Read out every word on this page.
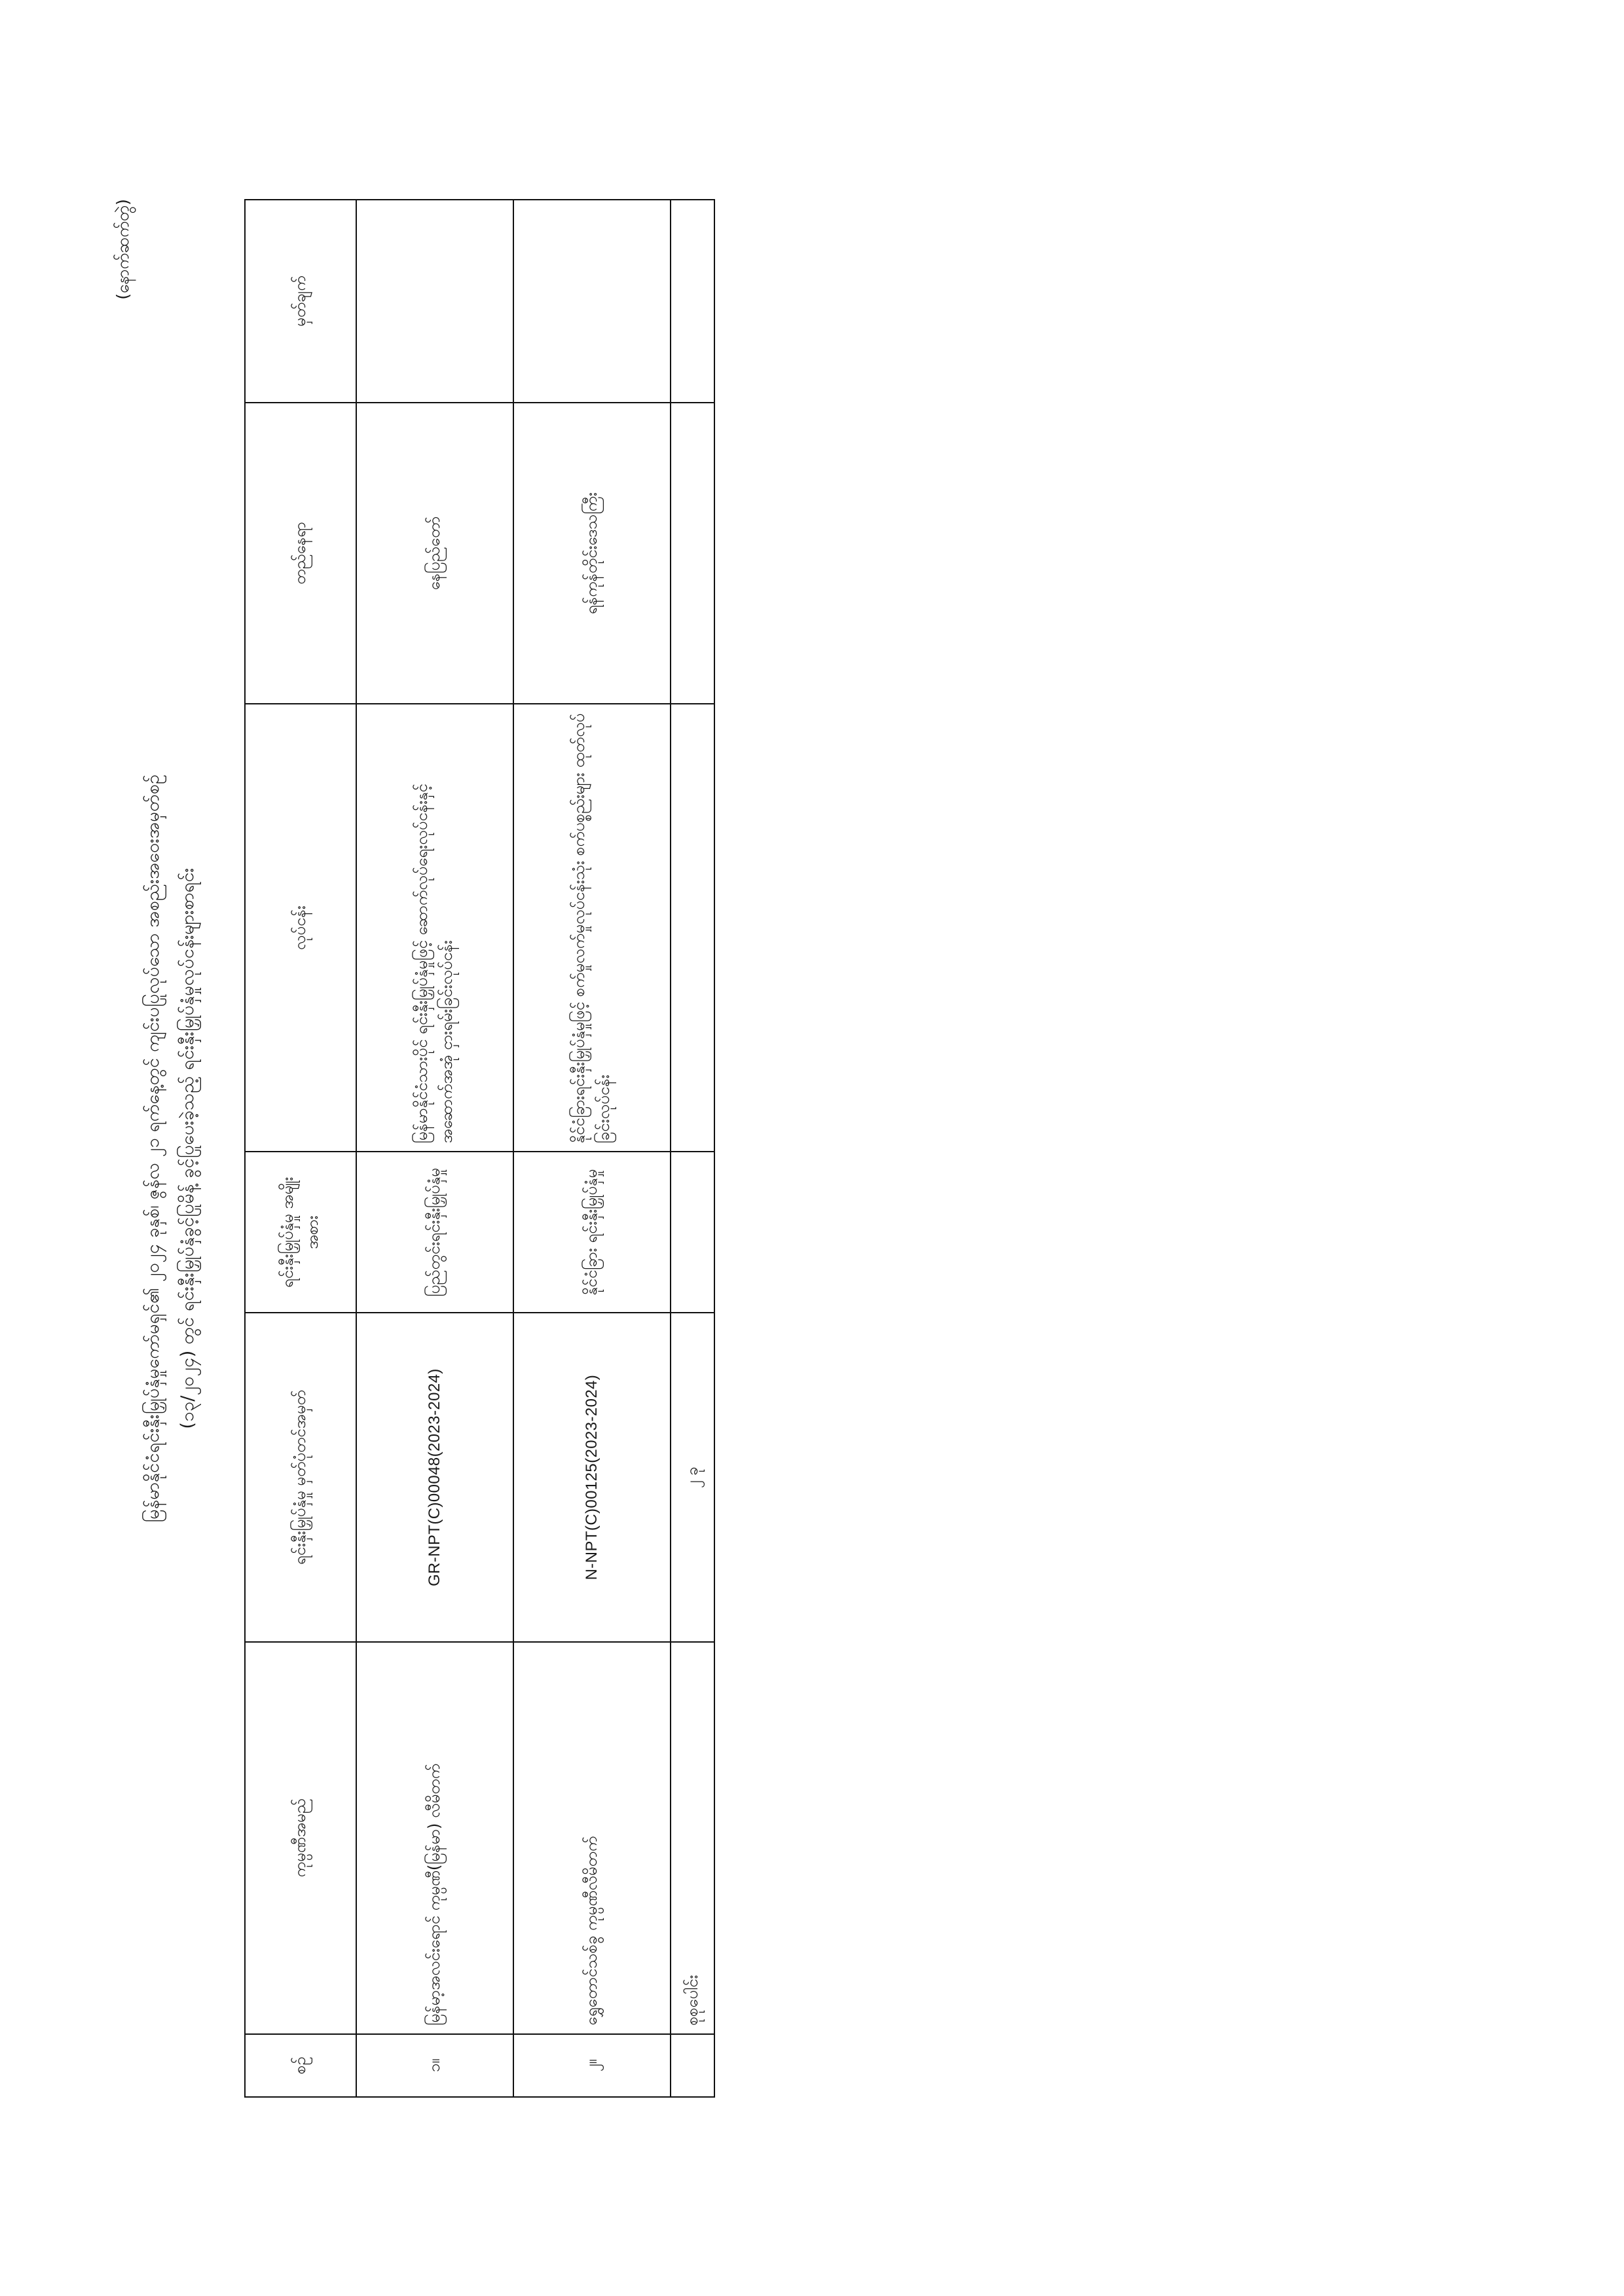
(နောက်ဆက်တွဲ)
မြန်မာနိုင်ငံရင်းနှီးမြှုပ်နှံမှုကော်မရှင်၏ ၂၀၂၄ ခုနှစ်၊ ဇွန်လ ၂၁ ရက်နေ့တွင် ကျင်းပပြုလုပ်သော အစည်းအဝေးအမှတ်စဉ် (၁၃/၂၀၂၄) တွင် ရင်းနှီးမြှုပ်နှံခွင့်ပြုမိန့် ခွင့်ပြုပေးခဲ့သည့် ရင်းနှီးမြှုပ်နှံမှုလုပ်ငန်းများစာရင်း
စဉ်	ကုမ္ပဏီအမည်	ရင်းနှီးမြှုပ်နှံမှု မှတ်ပုံတင်အမှတ်	ရင်းနှီးမြှုပ်နှံမှု အမျိုးအစား	လုပ်ငန်း	တည်နေရာ	မှတ်ချက်
၁။	မြန်မာ့အလင်းရောင် ကုမ္ပဏီ(မြန်မာ) လီမိတက်	GR-NPT(C)00048(2023-2024)	ပြည်တွင်းရင်းနှီးမြှုပ်နှံမှု	မြန်မာနိုင်ငံသားပိုင် ရင်းနှီးမြှုပ်နှံမှုဖြင့် ဆောက်လုပ်ရေးလုပ်ငန်းနှင့် အဆောက်အအုံ ငှားရမ်းခြင်းလုပ်ငန်း	နေပြည်တော်	
၂။	ရွှေတောင်သစ်ခွ ကုမ္ပဏီလီမိတက်	N-NPT(C)00125(2023-2024)	နိုင်ငံခြား ရင်းနှီးမြှုပ်နှံမှု	နိုင်ငံခြားရင်းနှီးမြှုပ်နှံမှုဖြင့် စက်မှုလက်မှုလုပ်ငန်းသုံး စက်ပစ္စည်းများ ထုတ်လုပ်ခြင်းလုပ်ငန်း	ရန်ကုန်တိုင်းဒေသကြီး	
	စုစုပေါင်း	၂ ခု				
